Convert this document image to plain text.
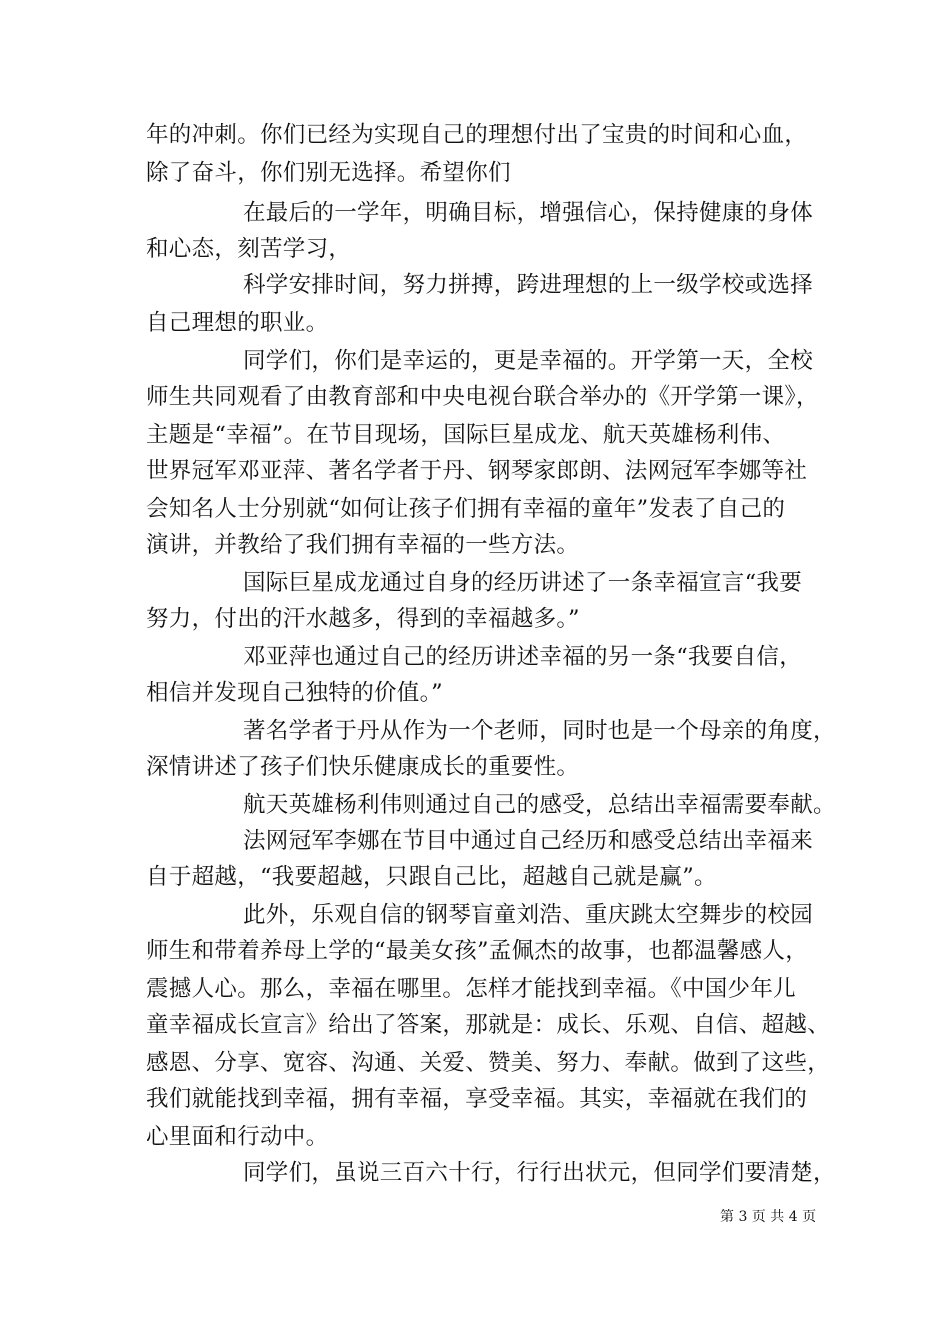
年的冲刺。你们已经为实现自己的理想付出了宝贵的时间和心血，
除了奋斗，你们别无选择。希望你们
在最后的一学年，明确目标，增强信心，保持健康的身体
和心态，刻苦学习，
科学安排时间，努力拼搏，跨进理想的上一级学校或选择
自己理想的职业。
同学们，你们是幸运的，更是幸福的。开学第一天，全校
师生共同观看了由教育部和中央电视台联合举办的《开学第一课》，
主题是“幸福”。在节目现场，国际巨星成龙、航天英雄杨利伟、
世界冠军邓亚萍、著名学者于丹、钢琴家郎朗、法网冠军李娜等社
会知名人士分别就“如何让孩子们拥有幸福的童年”发表了自己的
演讲，并教给了我们拥有幸福的一些方法。
国际巨星成龙通过自身的经历讲述了一条幸福宣言“我要
努力，付出的汗水越多，得到的幸福越多。”
邓亚萍也通过自己的经历讲述幸福的另一条“我要自信，
相信并发现自己独特的价值。”
著名学者于丹从作为一个老师，同时也是一个母亲的角度，
深情讲述了孩子们快乐健康成长的重要性。
航天英雄杨利伟则通过自己的感受，总结出幸福需要奉献。
法网冠军李娜在节目中通过自己经历和感受总结出幸福来
自于超越，“我要超越，只跟自己比，超越自己就是赢”。
此外，乐观自信的钢琴盲童刘浩、重庆跳太空舞步的校园
师生和带着养母上学的“最美女孩”孟佩杰的故事，也都温馨感人，
震撼人心。那么，幸福在哪里。怎样才能找到幸福。《中国少年儿
童幸福成长宣言》给出了答案，那就是：成长、乐观、自信、超越、
感恩、分享、宽容、沟通、关爱、赞美、努力、奉献。做到了这些，
我们就能找到幸福，拥有幸福，享受幸福。其实，幸福就在我们的
心里面和行动中。
同学们，虽说三百六十行，行行出状元，但同学们要清楚，
第 3 页 共 4 页
